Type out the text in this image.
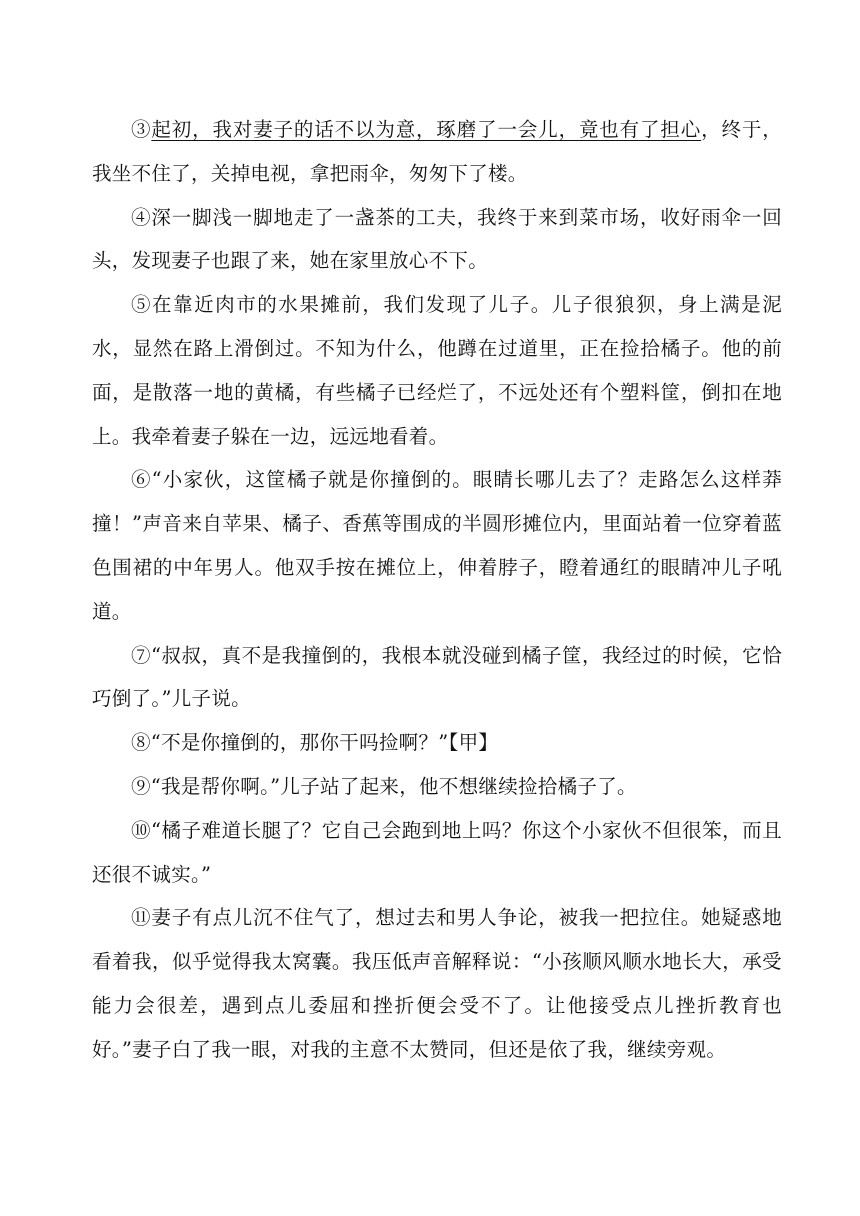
③起初，我对妻子的话不以为意，琢磨了一会儿，竟也有了担心，终于，我坐不住了，关掉电视，拿把雨伞，匆匆下了楼。

④深一脚浅一脚地走了一盏茶的工夫，我终于来到菜市场，收好雨伞一回头，发现妻子也跟了来，她在家里放心不下。

⑤在靠近肉市的水果摊前，我们发现了儿子。儿子很狼狈，身上满是泥水，显然在路上滑倒过。不知为什么，他蹲在过道里，正在捡拾橘子。他的前面，是散落一地的黄橘，有些橘子已经烂了，不远处还有个塑料筐，倒扣在地上。我牵着妻子躲在一边，远远地看着。

⑥“小家伙，这筐橘子就是你撞倒的。眼睛长哪儿去了？走路怎么这样莽撞！”声音来自苹果、橘子、香蕉等围成的半圆形摊位内，里面站着一位穿着蓝色围裙的中年男人。他双手按在摊位上，伸着脖子，瞪着通红的眼睛冲儿子吼道。

⑦“叔叔，真不是我撞倒的，我根本就没碰到橘子筐，我经过的时候，它恰巧倒了。”儿子说。

⑧“不是你撞倒的，那你干吗捡啊？”【甲】

⑨“我是帮你啊。”儿子站了起来，他不想继续捡拾橘子了。

⑩“橘子难道长腿了？它自己会跑到地上吗？你这个小家伙不但很笨，而且还很不诚实。”

⑪妻子有点儿沉不住气了，想过去和男人争论，被我一把拉住。她疑惑地看着我，似乎觉得我太窝囊。我压低声音解释说：“小孩顺风顺水地长大，承受能力会很差，遇到点儿委屈和挫折便会受不了。让他接受点儿挫折教育也好。”妻子白了我一眼，对我的主意不太赞同，但还是依了我，继续旁观。
